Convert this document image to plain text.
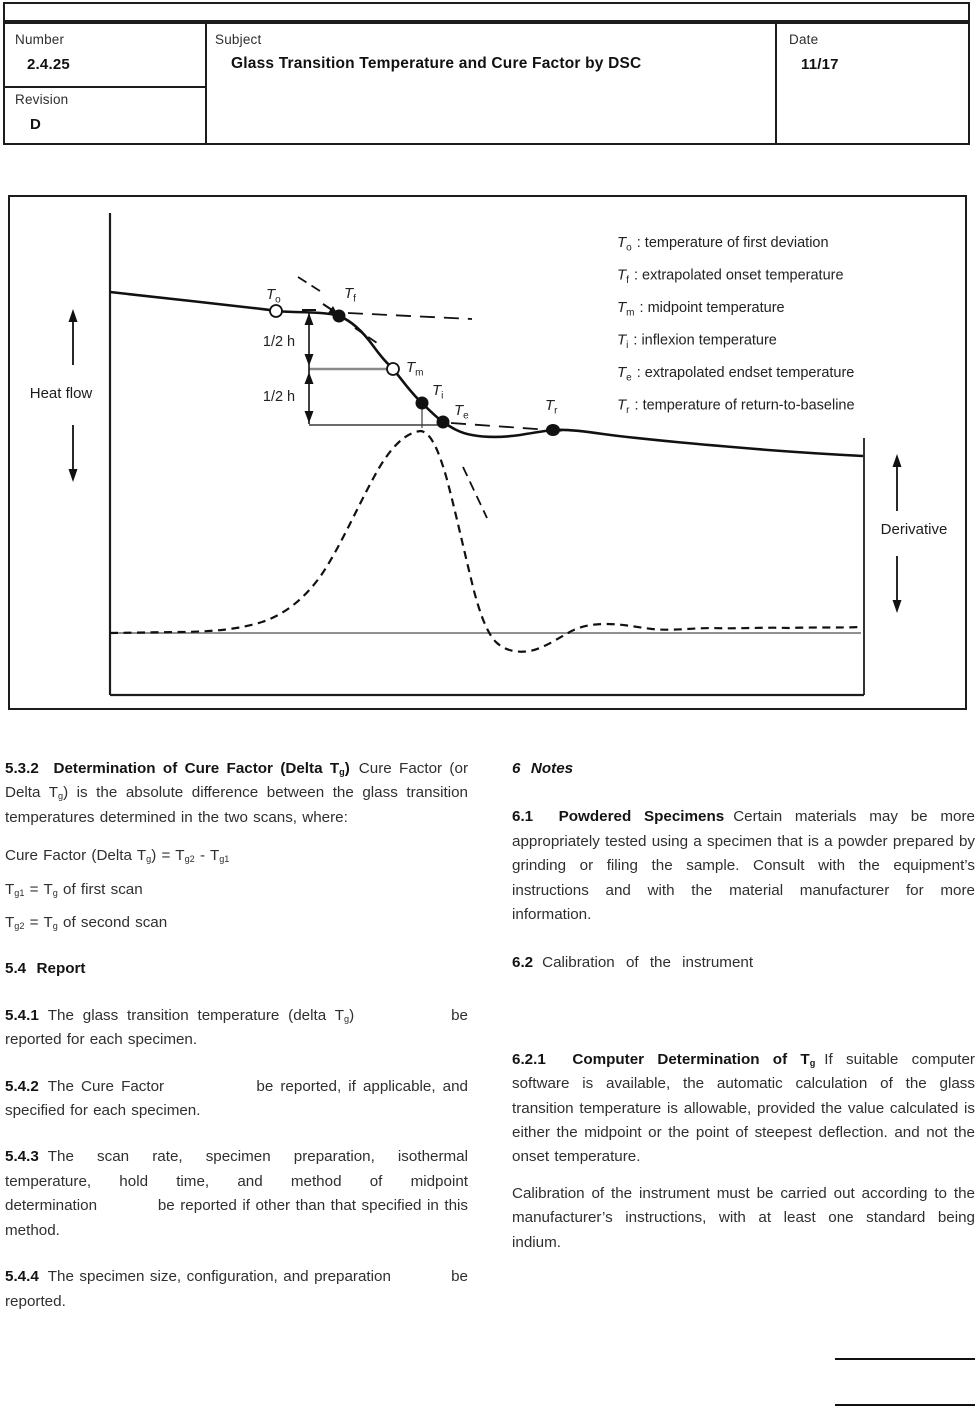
Number
2.4.25
Revision
D
Subject
Glass Transition Temperature and Cure Factor by DSC
Date
11/17
1/2 h
1/2 h
$T_o$	$T_f$
$T_m$
$T_i$
$T_e$
$T_r$
Heat flow
Derivative
$T_o$ : temperature of first deviation
$T_f$ : extrapolated onset temperature
$T_m$ : midpoint temperature
$T_i$ : inflexion temperature
$T_e$ : extrapolated endset temperature
$T_r$ : temperature of return-to-baseline

5.3.2  Determination of Cure Factor (Delta $T_g$) Cure Factor (or Delta $T_g$) is the absolute difference between the glass transition temperatures determined in the two scans, where:

Cure Factor (Delta $T_g) = T_{g2} - T_{g1}$

$T_{g1} = T_g$ of first scan

$T_{g2} = T_g$ of second scan

5.4  Report

5.4.1 The glass transition temperature (delta $T_g$)           be reported for each specimen.

5.4.2 The Cure Factor             be reported, if applicable, and specified for each specimen.

5.4.3 The scan rate, specimen preparation, isothermal temperature, hold time, and method of midpoint determination           be reported if other than that specified in this method.

5.4.4 The specimen size, configuration, and preparation           be reported.

6  Notes

6.1  Powdered Specimens Certain materials may be more appropriately tested using a specimen that is a powder prepared by grinding or filing the sample. Consult with the equipment’s instructions and with the material manufacturer for more information.

6.2 Calibration of the instrument

6.2.1  Computer Determination of $T_g$ If suitable computer software is available, the automatic calculation of the glass transition temperature is allowable, provided the value calculated is either the midpoint or the point of steepest deflection. and not the onset temperature.

Calibration of the instrument must be carried out according to the manufacturer’s instructions, with at least one standard being indium.
